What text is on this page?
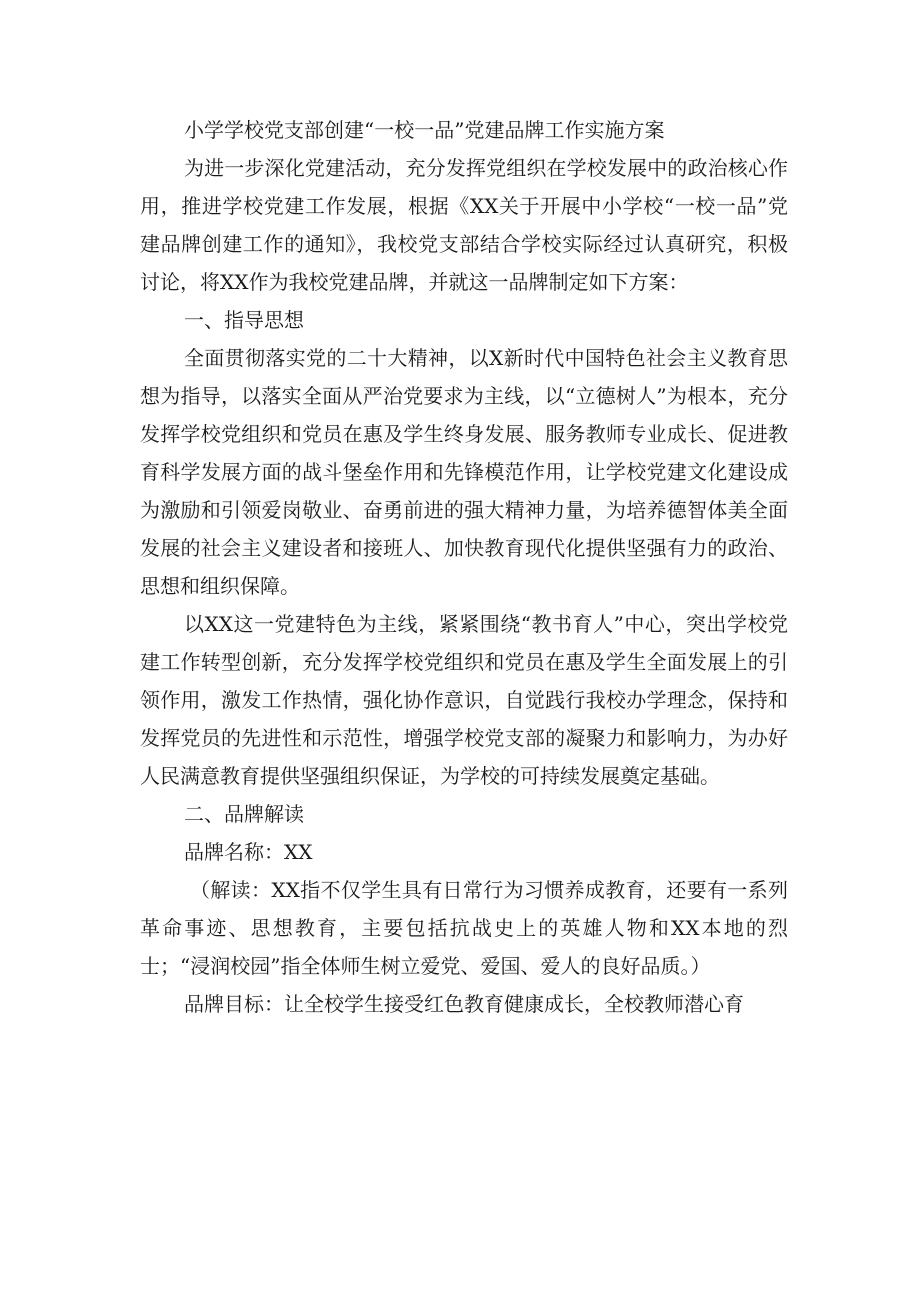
小学学校党支部创建“一校一品”党建品牌工作实施方案

为进一步深化党建活动，充分发挥党组织在学校发展中的政治核心作用，推进学校党建工作发展，根据《XX关于开展中小学校“一校一品”党建品牌创建工作的通知》，我校党支部结合学校实际经过认真研究，积极讨论，将XX作为我校党建品牌，并就这一品牌制定如下方案：

一、指导思想

全面贯彻落实党的二十大精神，以X新时代中国特色社会主义教育思想为指导，以落实全面从严治党要求为主线，以“立德树人”为根本，充分发挥学校党组织和党员在惠及学生终身发展、服务教师专业成长、促进教育科学发展方面的战斗堡垒作用和先锋模范作用，让学校党建文化建设成为激励和引领爱岗敬业、奋勇前进的强大精神力量，为培养德智体美全面发展的社会主义建设者和接班人、加快教育现代化提供坚强有力的政治、思想和组织保障。

以XX这一党建特色为主线，紧紧围绕“教书育人”中心，突出学校党建工作转型创新，充分发挥学校党组织和党员在惠及学生全面发展上的引领作用，激发工作热情，强化协作意识，自觉践行我校办学理念，保持和发挥党员的先进性和示范性，增强学校党支部的凝聚力和影响力，为办好人民满意教育提供坚强组织保证，为学校的可持续发展奠定基础。

二、品牌解读

品牌名称：XX

（解读：XX指不仅学生具有日常行为习惯养成教育，还要有一系列革命事迹、思想教育，主要包括抗战史上的英雄人物和XX本地的烈士；“浸润校园”指全体师生树立爱党、爱国、爱人的良好品质。）

品牌目标：让全校学生接受红色教育健康成长，全校教师潜心育
